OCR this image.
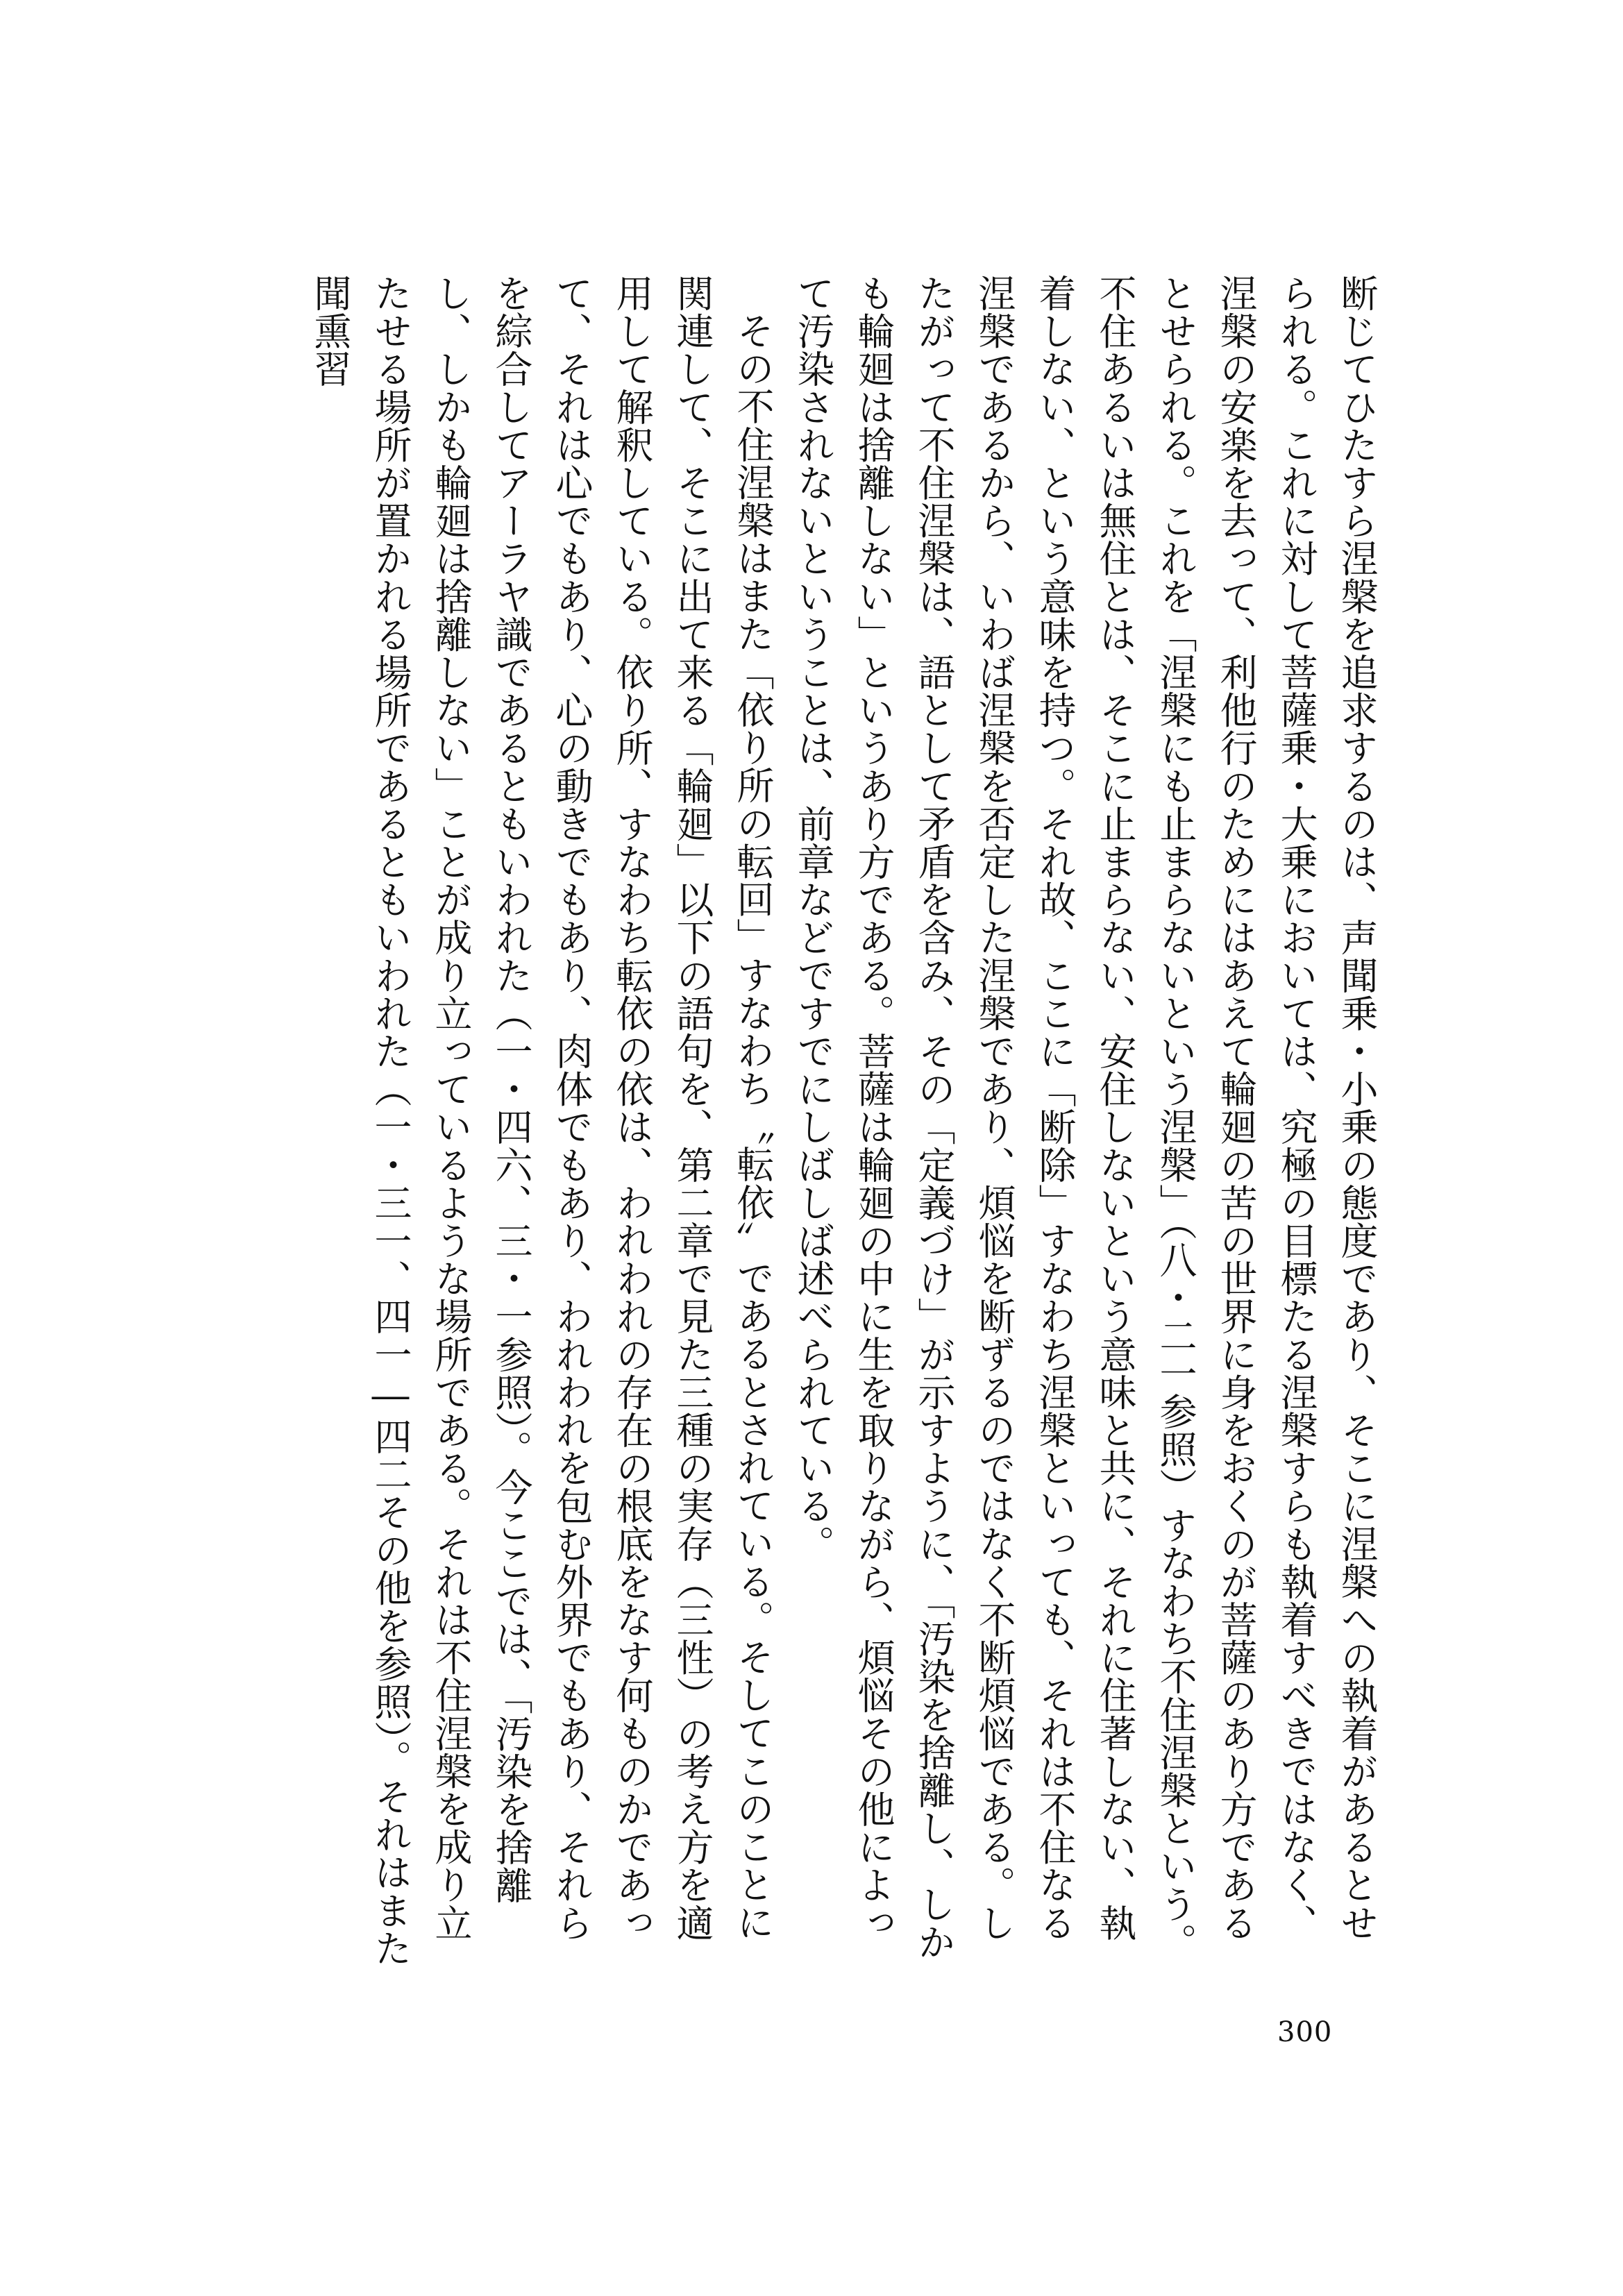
断じてひたすら涅槃を追求するのは、声聞乗・小乗の態度であり、そこに涅槃への執着があるとせられる。これに対して菩薩乗・大乗においては、究極の目標たる涅槃すらも執着すべきではなく、涅槃の安楽を去って、利他行のためにはあえて輪廻の苦の世界に身をおくのが菩薩のあり方であるとせられる。これを「涅槃にも止まらないという涅槃」（八・二一参照）すなわち不住涅槃という。不住あるいは無住とは、そこに止まらない、安住しないという意味と共に、それに住著しない、執着しない、という意味を持つ。それ故、ここに「断除」すなわち涅槃といっても、それは不住なる涅槃であるから、いわば涅槃を否定した涅槃であり、煩悩を断ずるのではなく不断煩悩である。したがって不住涅槃は、語として矛盾を含み、その「定義づけ」が示すように、「汚染を捨離し、しかも輪廻は捨離しない」というあり方である。菩薩は輪廻の中に生を取りながら、煩悩その他によって汚染されないということは、前章などですでにしばしば述べられている。

その不住涅槃はまた「依り所の転回」すなわち〝転依〟であるとされている。そしてこのことに関連して、そこに出て来る「輪廻」以下の語句を、第二章で見た三種の実存（三性）の考え方を適用して解釈している。依り所、すなわち転依の依は、われわれの存在の根底をなす何ものかであって、それは心でもあり、心の動きでもあり、肉体でもあり、われわれを包む外界でもあり、それらを綜合してアーラヤ識であるともいわれた（一・四六、三・一参照）。今ここでは、「汚染を捨離し、しかも輪廻は捨離しない」ことが成り立っているような場所である。それは不住涅槃を成り立たせる場所が置かれる場所であるともいわれた（一・三一、四一―四二その他を参照）。それはまた聞熏習

300
